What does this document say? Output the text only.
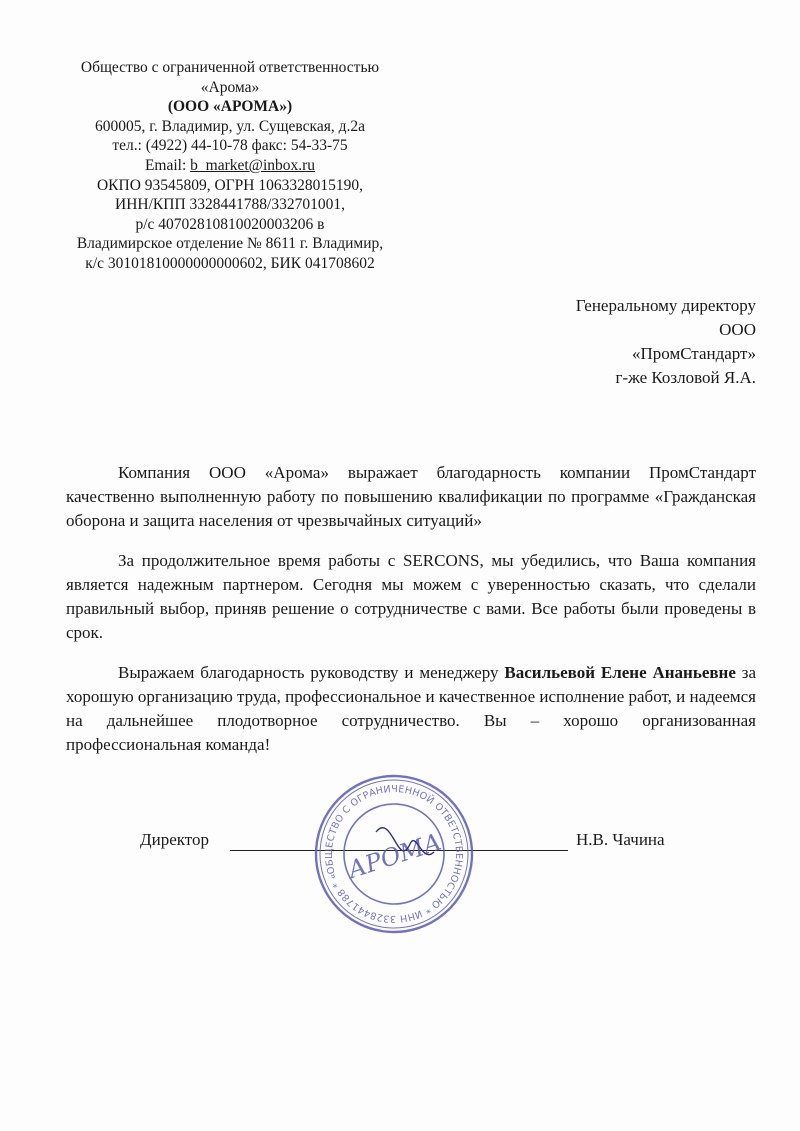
Общество с ограниченной ответственностью
«Арома»
(ООО «АРОМА»)
600005, г. Владимир, ул. Сущевская, д.2а
тел.: (4922) 44-10-78 факс: 54-33-75
Email: b_market@inbox.ru
ОКПО 93545809, ОГРН 1063328015190,
ИНН/КПП 3328441788/332701001,
р/с 40702810810020003206 в
Владимирское отделение № 8611 г. Владимир,
к/с 30101810000000000602, БИК 041708602
Генеральному директору
ООО
«ПромСтандарт»
г-же Козловой Я.А.

Компания ООО «Арома» выражает благодарность компании ПромСтандарт качественно выполненную работу по повышению квалификации по программе «Гражданская оборона и защита населения от чрезвычайных ситуаций»

За продолжительное время работы с SERCONS, мы убедились, что Ваша компания является надежным партнером. Сегодня мы можем с уверенностью сказать, что сделали правильный выбор, приняв решение о сотрудничестве с вами. Все работы были проведены в срок.

Выражаем благодарность руководству и менеджеру Васильевой Елене Ананьевне за хорошую организацию труда, профессиональное и качественное исполнение работ, и надеемся на дальнейшее плодотворное сотрудничество. Вы – хорошо организованная профессиональная команда!

Директор	Н.В. Чачина
ОБЩЕСТВО С ОГРАНИЧЕННОЙ ОТВЕТСТВЕННОСТЬЮ * ИНН 3328441788 * «АРОМА»
АРОМА
